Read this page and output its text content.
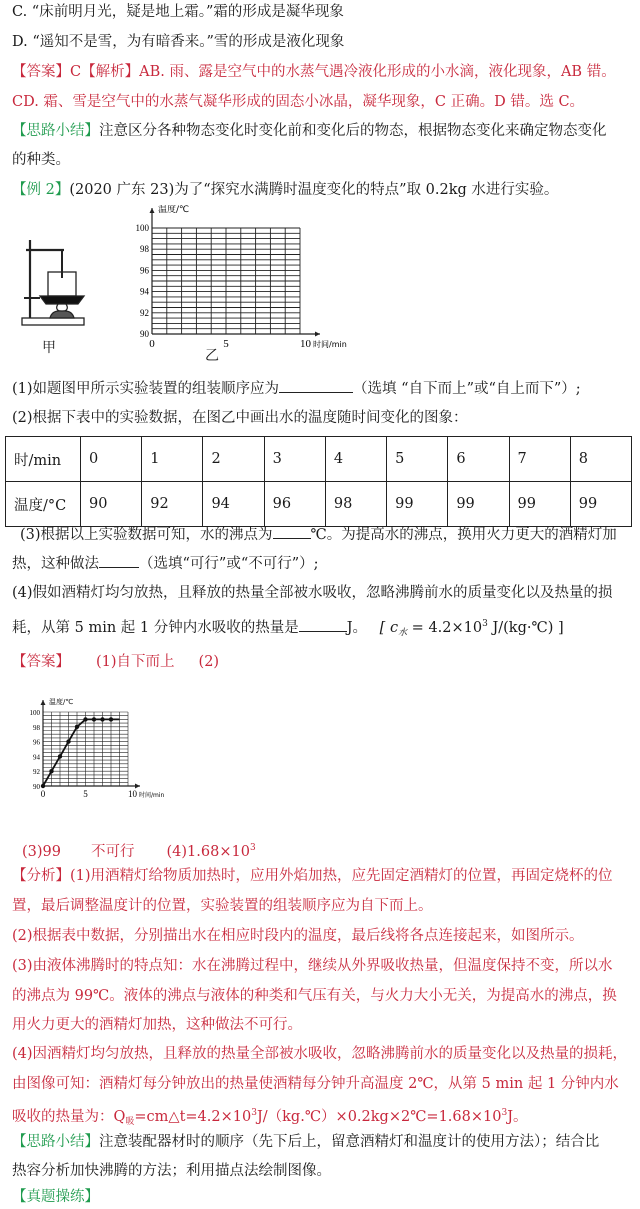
C. “床前明月光，疑是地上霜。”霜的形成是凝华现象
D. “遥知不是雪，为有暗香来。”雪的形成是液化现象
【答案】C【解析】AB. 雨、露是空气中的水蒸气遇冷液化形成的小水滴，液化现象，AB 错。
CD. 霜、雪是空气中的水蒸气凝华形成的固态小冰晶，凝华现象，C 正确。D 错。选 C。
【思路小结】注意区分各种物态变化时变化前和变化后的物态，根据物态变化来确定物态变化
的种类。
【例 2】(2020 广东 23)为了“探究水满腾时温度变化的特点”取 0.2kg 水进行实验。
甲
90
92
94
96
98
100
0	5	10
温度/℃
时间/min
乙
(1)如题图甲所示实验装置的组装顺序应为	（选填 “自下而上”或“自上而下”）;
(2)根据下表中的实验数据，在图乙中画出水的温度随时间变化的图象：
时/min	0	1	2	3	4	5	6	7	8
温度/°C	90	92	94	96	98	99	99	99	99
(3)根据以上实验数据可知，水的沸点为	℃。为提高水的沸点，换用火力更大的酒精灯加
热，这种做法	（选填“可行”或“不可行”）;
(4)假如酒精灯均匀放热，且释放的热量全部被水吸收，忽略沸腾前水的质量变化以及热量的损
耗，从第 5 min 起 1 分钟内水吸收的热量是	J。 [ $c_水 = 4.2\times 10^3$ J/(kg·℃) ]
【答案】 (1)自下而上 (2)
90
92
94
96
98
100
0	5	10
温度/℃
时间/min
(3)99 不可行 $(4)1.68\times 10^3$
【分析】(1)用酒精灯给物质加热时，应用外焰加热，应先固定酒精灯的位置，再固定烧杯的位
置，最后调整温度计的位置，实验装置的组装顺序应为自下而上。
(2)根据表中数据，分别描出水在相应时段内的温度，最后线将各点连接起来，如图所示。
(3)由液体沸腾时的特点知：水在沸腾过程中，继续从外界吸收热量，但温度保持不变，所以水
的沸点为 99℃。液体的沸点与液体的种类和气压有关，与火力大小无关，为提高水的沸点，换
用火力更大的酒精灯加热，这种做法不可行。
(4)因酒精灯均匀放热，且释放的热量全部被水吸收，忽略沸腾前水的质量变化以及热量的损耗，
由图像可知：酒精灯每分钟放出的热量使酒精每分钟升高温度 2℃，从第 5 min 起 1 分钟内水
吸收的热量为：$Q_吸=cm\triangle t=4.2\times 10^3J/(kg.℃)\times 0.2kg\times 2℃=1.68\times 10^3J$。
【思路小结】注意装配器材时的顺序（先下后上，留意酒精灯和温度计的使用方法）；结合比
热容分析加快沸腾的方法；利用描点法绘制图像。
【真题操练】
